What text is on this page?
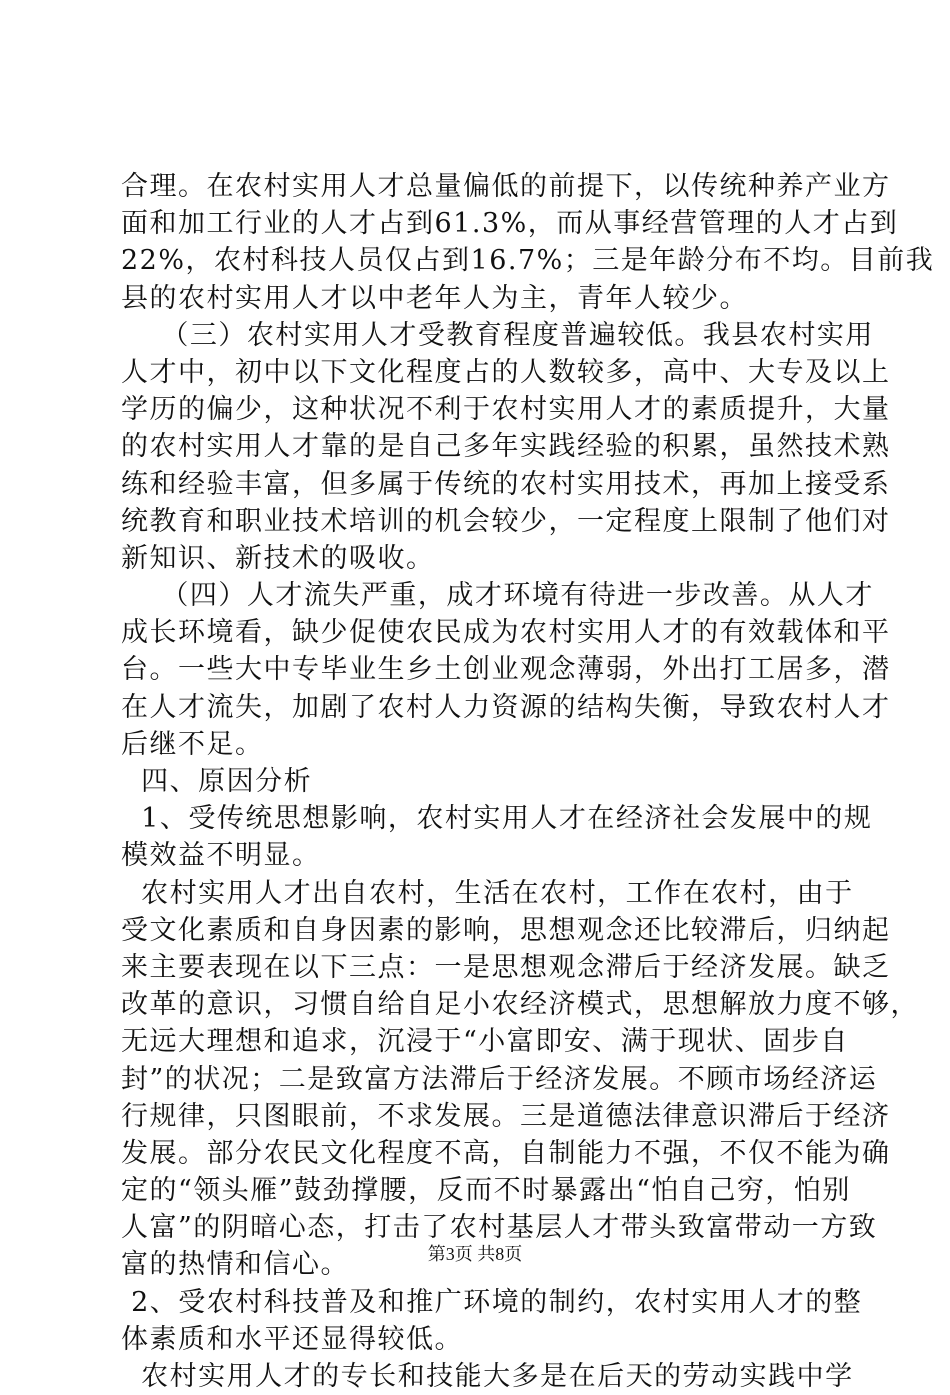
合理。在农村实用人才总量偏低的前提下，以传统种养产业方
面和加工行业的人才占到61.3%，而从事经营管理的人才占到
22%，农村科技人员仅占到16.7%；三是年龄分布不均。目前我
县的农村实用人才以中老年人为主，青年人较少。
（三）农村实用人才受教育程度普遍较低。我县农村实用
人才中，初中以下文化程度占的人数较多，高中、大专及以上
学历的偏少，这种状况不利于农村实用人才的素质提升，大量
的农村实用人才靠的是自己多年实践经验的积累，虽然技术熟
练和经验丰富，但多属于传统的农村实用技术，再加上接受系
统教育和职业技术培训的机会较少，一定程度上限制了他们对
新知识、新技术的吸收。
（四）人才流失严重，成才环境有待进一步改善。从人才
成长环境看，缺少促使农民成为农村实用人才的有效载体和平
台。一些大中专毕业生乡土创业观念薄弱，外出打工居多，潜
在人才流失，加剧了农村人力资源的结构失衡，导致农村人才
后继不足。
四、原因分析
1、受传统思想影响，农村实用人才在经济社会发展中的规
模效益不明显。
农村实用人才出自农村，生活在农村，工作在农村，由于
受文化素质和自身因素的影响，思想观念还比较滞后，归纳起
来主要表现在以下三点：一是思想观念滞后于经济发展。缺乏
改革的意识，习惯自给自足小农经济模式，思想解放力度不够，
无远大理想和追求，沉浸于“小富即安、满于现状、固步自
封”的状况；二是致富方法滞后于经济发展。不顾市场经济运
行规律，只图眼前，不求发展。三是道德法律意识滞后于经济
发展。部分农民文化程度不高，自制能力不强，不仅不能为确
定的“领头雁”鼓劲撑腰，反而不时暴露出“怕自己穷，怕别
人富”的阴暗心态，打击了农村基层人才带头致富带动一方致
富的热情和信心。
2、受农村科技普及和推广环境的制约，农村实用人才的整
体素质和水平还显得较低。
农村实用人才的专长和技能大多是在后天的劳动实践中学
第3页 共8页
